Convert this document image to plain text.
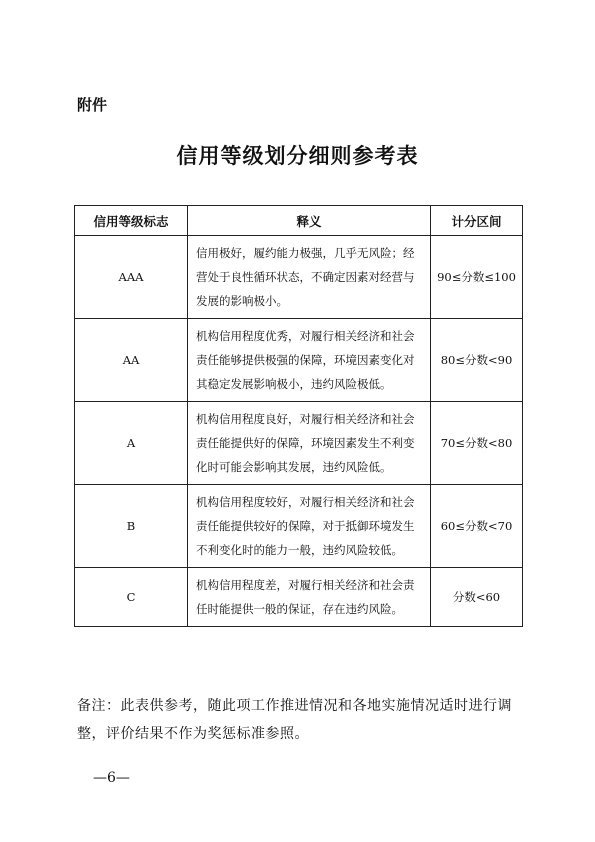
附件
信用等级划分细则参考表
信用等级标志	释义	计分区间
AAA	信用极好，履约能力极强，几乎无风险；经营处于良性循环状态，不确定因素对经营与发展的影响极小。	90≤分数≤100
AA	机构信用程度优秀，对履行相关经济和社会责任能够提供极强的保障，环境因素变化对其稳定发展影响极小，违约风险极低。	80≤分数<90
A	机构信用程度良好，对履行相关经济和社会责任能提供好的保障，环境因素发生不利变化时可能会影响其发展，违约风险低。	70≤分数<80
B	机构信用程度较好，对履行相关经济和社会责任能提供较好的保障，对于抵御环境发生不利变化时的能力一般，违约风险较低。	60≤分数<70
C	机构信用程度差，对履行相关经济和社会责任时能提供一般的保证，存在违约风险。	分数<60
备注：此表供参考，随此项工作推进情况和各地实施情况适时进行调整，评价结果不作为奖惩标准参照。
—6—
